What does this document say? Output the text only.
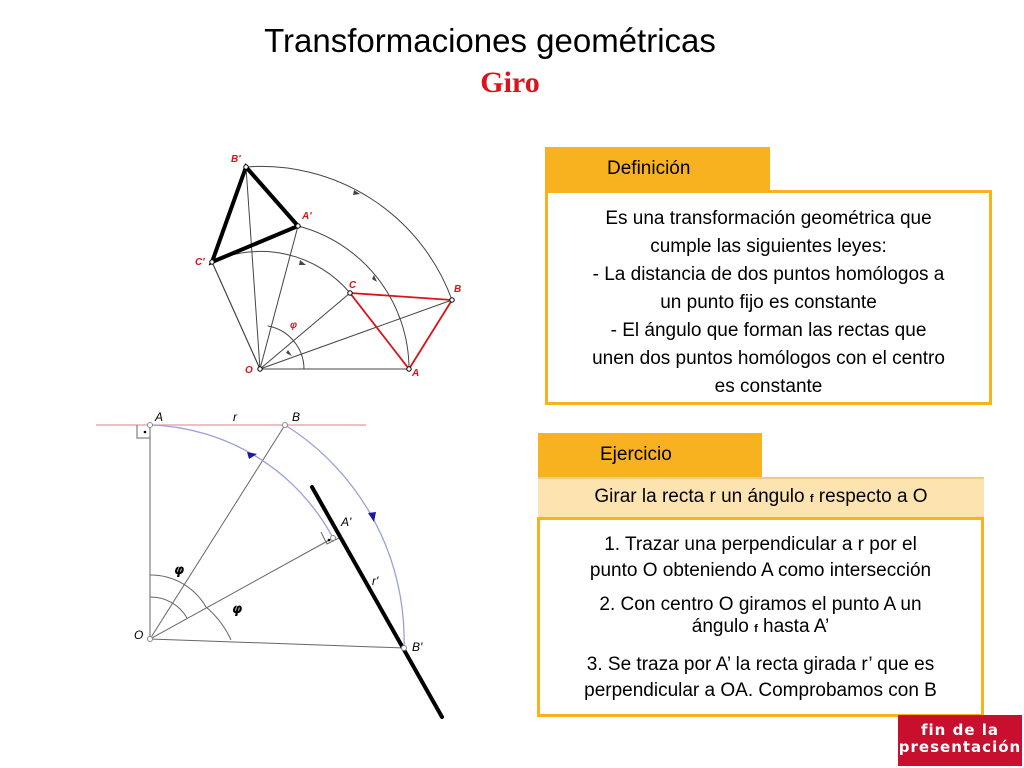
Transformaciones geométricas
Giro
Definición
Es una transformación geométrica que
cumple las siguientes leyes:
- La distancia de dos puntos homólogos a
un punto fijo es constante
- El ángulo que forman las rectas que
unen dos puntos homólogos con el centro
es constante
Ejercicio
Girar la recta r un ángulo f respecto a O
1. Trazar una perpendicular a r por el
punto O obteniendo A como intersección
2. Con centro O giramos el punto A un
ángulo f hasta A’
3. Se traza por A’ la recta girada r’ que es
perpendicular a OA. Comprobamos con B
B'
A'
C'
C	B
φ
O	A
A	r	B
A'
r'
O
B'
φ
φ
fin de la
presentación
